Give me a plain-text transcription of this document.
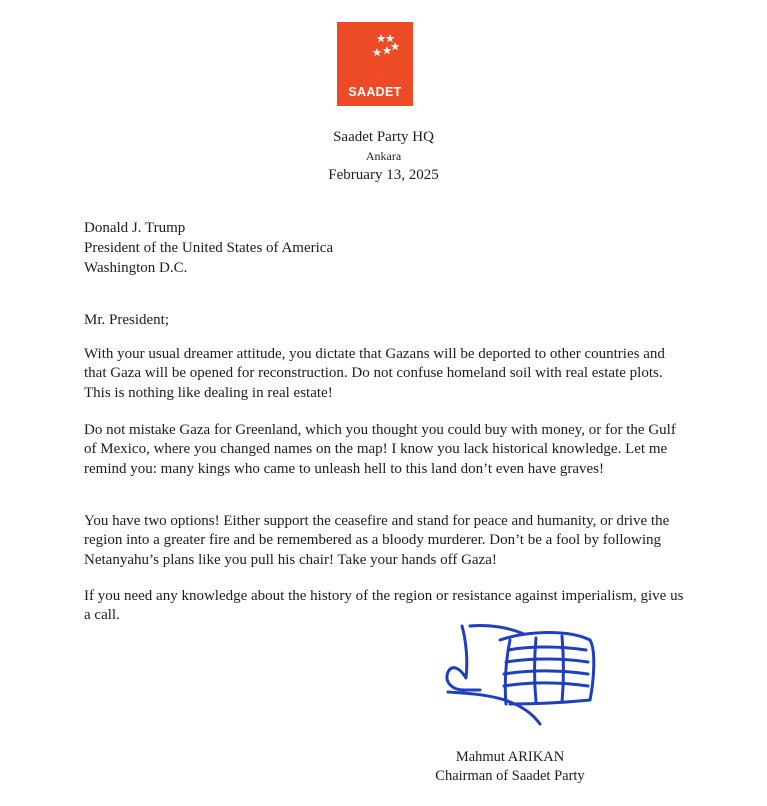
SAADET
Saadet Party HQ
Ankara
February 13, 2025
Donald J. Trump
President of the United States of America
Washington D.C.
Mr. President;

With your usual dreamer attitude, you dictate that Gazans will be deported to other countries and that Gaza will be opened for reconstruction. Do not confuse homeland soil with real estate plots. This is nothing like dealing in real estate!

Do not mistake Gaza for Greenland, which you thought you could buy with money, or for the Gulf of Mexico, where you changed names on the map! I know you lack historical knowledge. Let me remind you: many kings who came to unleash hell to this land don’t even have graves!

You have two options! Either support the ceasefire and stand for peace and humanity, or drive the region into a greater fire and be remembered as a bloody murderer. Don’t be a fool by following Netanyahu’s plans like you pull his chair! Take your hands off Gaza!

If you need any knowledge about the history of the region or resistance against imperialism, give us a call.

Mahmut ARIKAN
Chairman of Saadet Party
